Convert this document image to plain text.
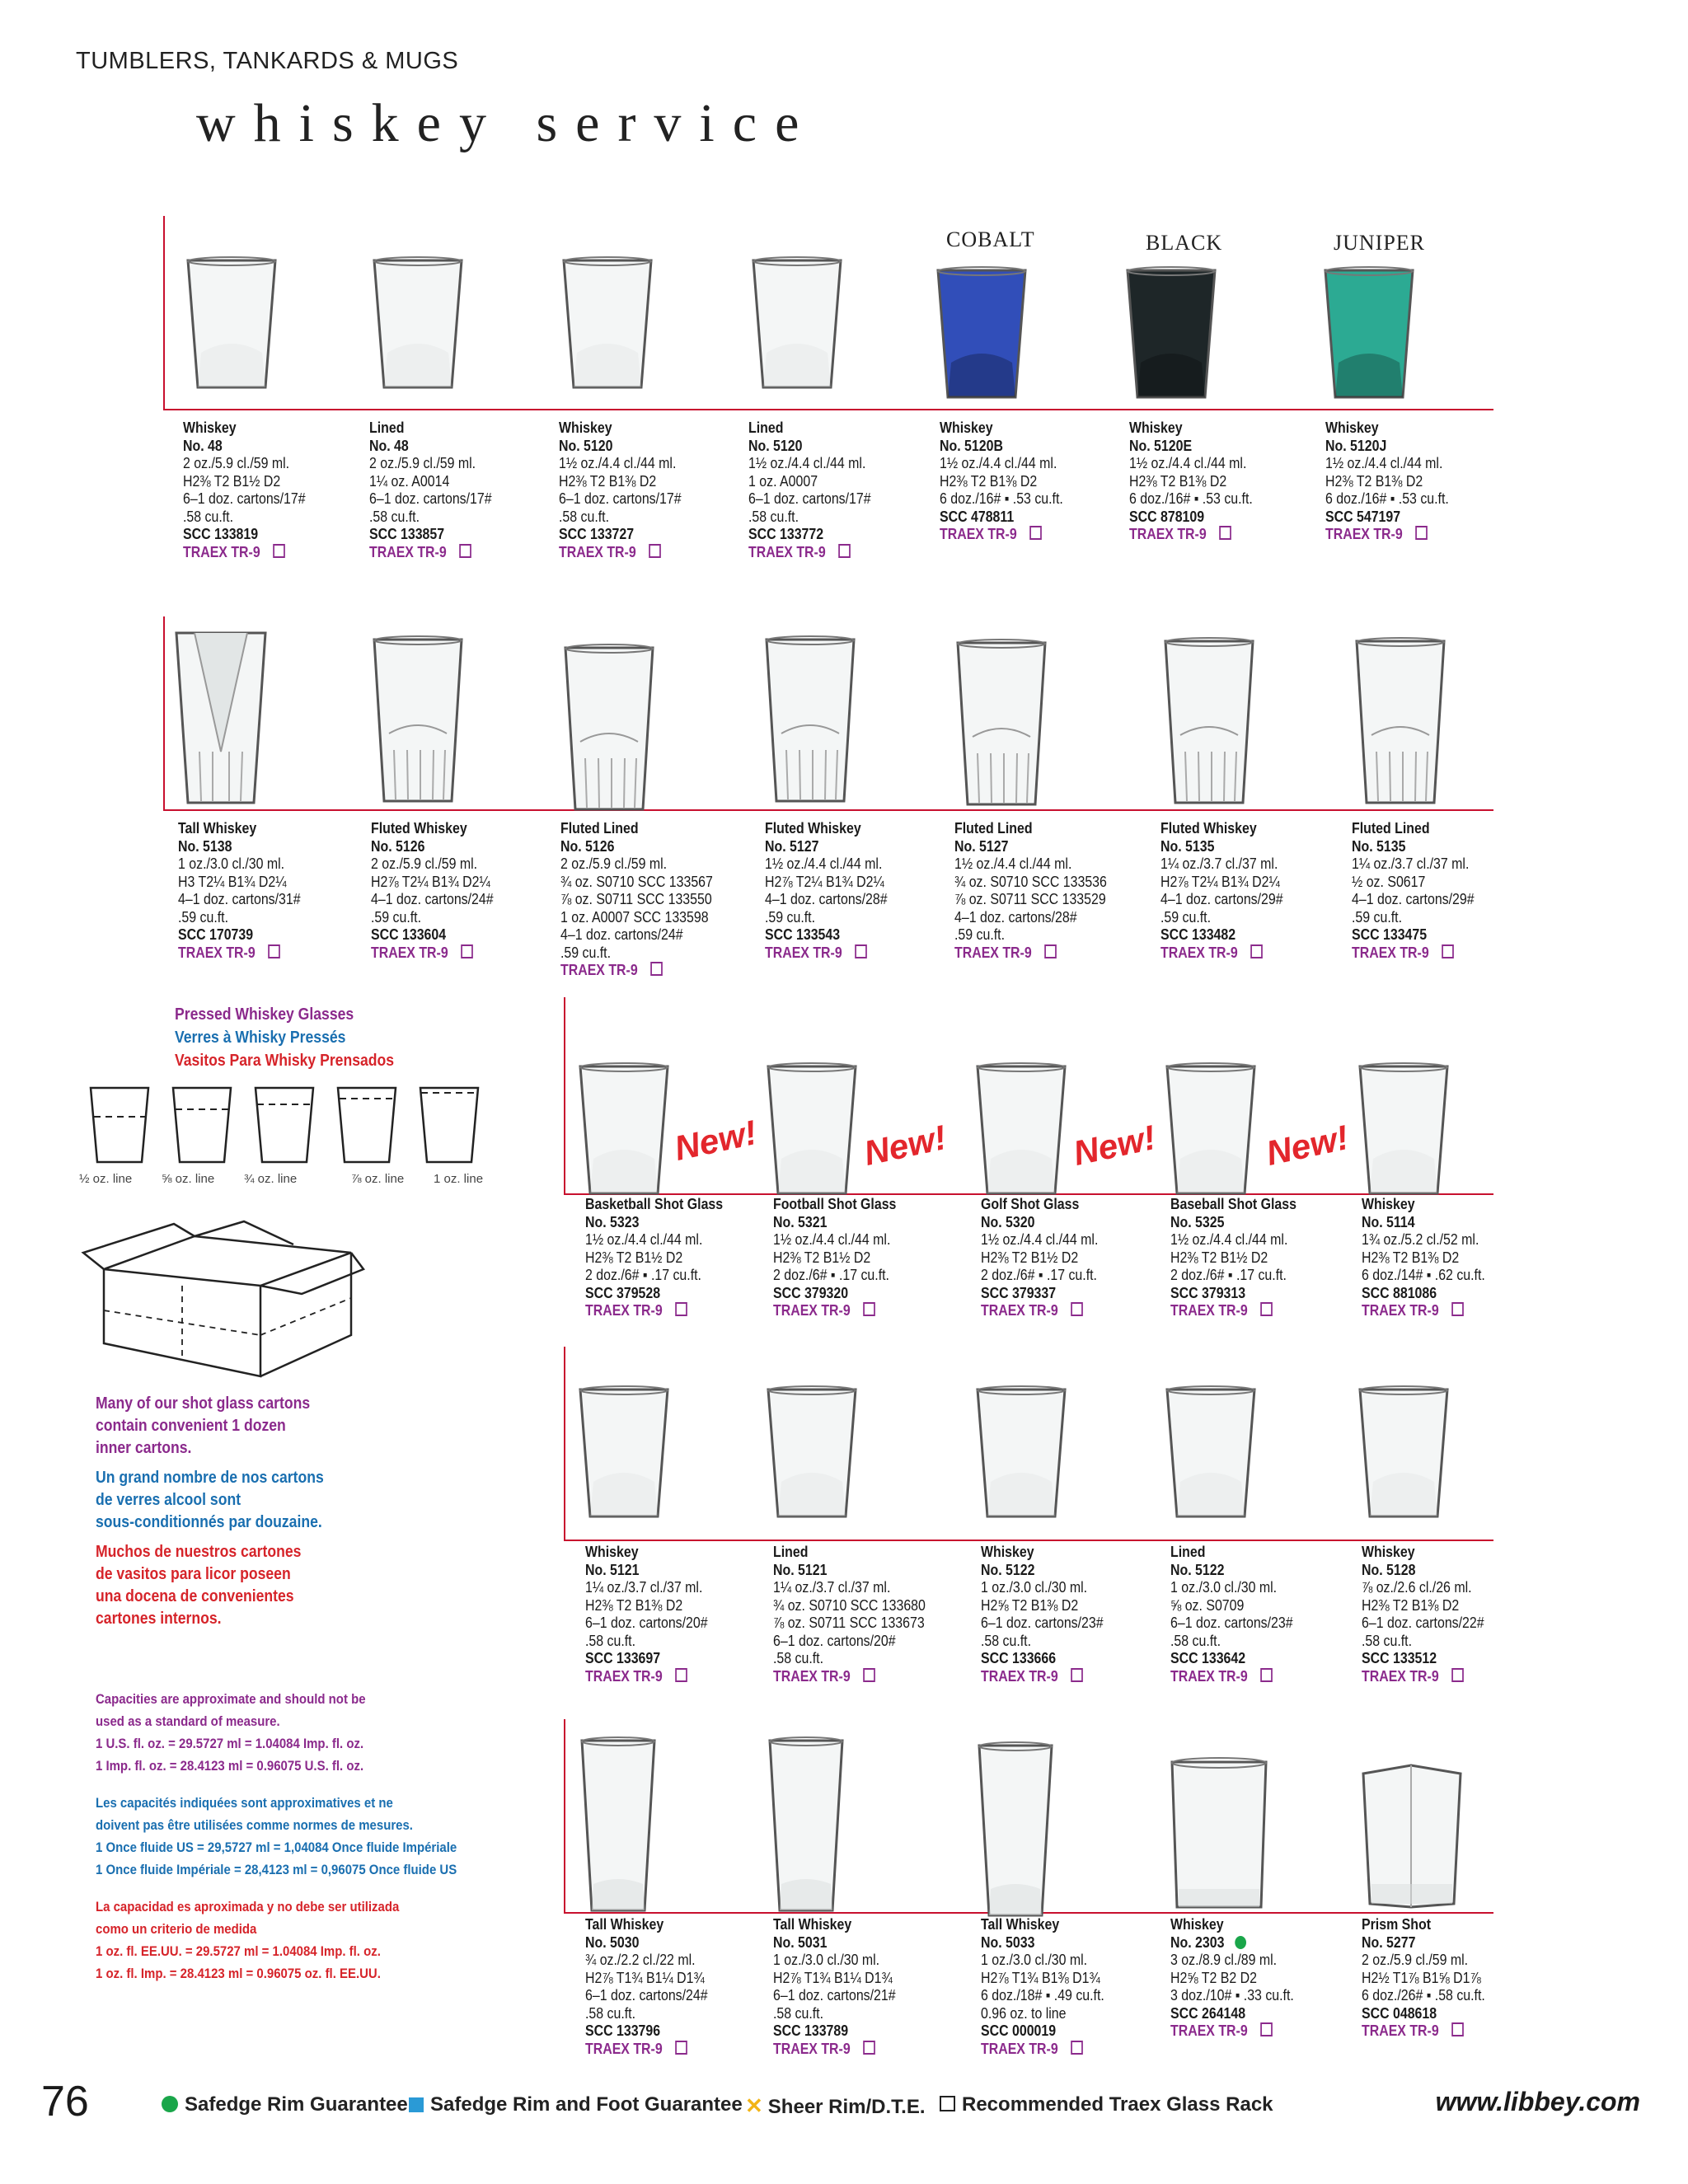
TUMBLERS, TANKARDS & MUGS
whiskey service
COBALT	BLACK	JUNIPER
New!	New!	New!	New!
Whiskey
No. 48
2 oz./5.9 cl./59 ml.
H2⅜ T2 B1½ D2
6–1 doz. cartons/17#
.58 cu.ft.
SCC 133819
TRAEX TR-9
Lined
No. 48
2 oz./5.9 cl./59 ml.
1¼ oz. A0014
6–1 doz. cartons/17#
.58 cu.ft.
SCC 133857
TRAEX TR-9
Whiskey
No. 5120
1½ oz./4.4 cl./44 ml.
H2⅜ T2 B1⅜ D2
6–1 doz. cartons/17#
.58 cu.ft.
SCC 133727
TRAEX TR-9
Lined
No. 5120
1½ oz./4.4 cl./44 ml.
1 oz. A0007
6–1 doz. cartons/17#
.58 cu.ft.
SCC 133772
TRAEX TR-9
Whiskey
No. 5120B
1½ oz./4.4 cl./44 ml.
H2⅜ T2 B1⅜ D2
6 doz./16# ▪ .53 cu.ft.
SCC 478811
TRAEX TR-9
Whiskey
No. 5120E
1½ oz./4.4 cl./44 ml.
H2⅜ T2 B1⅜ D2
6 doz./16# ▪ .53 cu.ft.
SCC 878109
TRAEX TR-9
Whiskey
No. 5120J
1½ oz./4.4 cl./44 ml.
H2⅜ T2 B1⅜ D2
6 doz./16# ▪ .53 cu.ft.
SCC 547197
TRAEX TR-9
Tall Whiskey
No. 5138
1 oz./3.0 cl./30 ml.
H3 T2¼ B1¾ D2¼
4–1 doz. cartons/31#
.59 cu.ft.
SCC 170739
TRAEX TR-9
Fluted Whiskey
No. 5126
2 oz./5.9 cl./59 ml.
H2⅞ T2¼ B1¾ D2¼
4–1 doz. cartons/24#
.59 cu.ft.
SCC 133604
TRAEX TR-9
Fluted Lined
No. 5126
2 oz./5.9 cl./59 ml.
¾ oz. S0710 SCC 133567
⅞ oz. S0711 SCC 133550
1 oz. A0007 SCC 133598
4–1 doz. cartons/24#
.59 cu.ft.
TRAEX TR-9
Fluted Whiskey
No. 5127
1½ oz./4.4 cl./44 ml.
H2⅞ T2¼ B1¾ D2¼
4–1 doz. cartons/28#
.59 cu.ft.
SCC 133543
TRAEX TR-9
Fluted Lined
No. 5127
1½ oz./4.4 cl./44 ml.
¾ oz. S0710 SCC 133536
⅞ oz. S0711 SCC 133529
4–1 doz. cartons/28#
.59 cu.ft.
TRAEX TR-9
Fluted Whiskey
No. 5135
1¼ oz./3.7 cl./37 ml.
H2⅞ T2¼ B1¾ D2¼
4–1 doz. cartons/29#
.59 cu.ft.
SCC 133482
TRAEX TR-9
Fluted Lined
No. 5135
1¼ oz./3.7 cl./37 ml.
½ oz. S0617
4–1 doz. cartons/29#
.59 cu.ft.
SCC 133475
TRAEX TR-9
Basketball Shot Glass
No. 5323
1½ oz./4.4 cl./44 ml.
H2⅜ T2 B1½ D2
2 doz./6# ▪ .17 cu.ft.
SCC 379528
TRAEX TR-9
Football Shot Glass
No. 5321
1½ oz./4.4 cl./44 ml.
H2⅜ T2 B1½ D2
2 doz./6# ▪ .17 cu.ft.
SCC 379320
TRAEX TR-9
Golf Shot Glass
No. 5320
1½ oz./4.4 cl./44 ml.
H2⅜ T2 B1½ D2
2 doz./6# ▪ .17 cu.ft.
SCC 379337
TRAEX TR-9
Baseball Shot Glass
No. 5325
1½ oz./4.4 cl./44 ml.
H2⅜ T2 B1½ D2
2 doz./6# ▪ .17 cu.ft.
SCC 379313
TRAEX TR-9
Whiskey
No. 5114
1¾ oz./5.2 cl./52 ml.
H2⅜ T2 B1⅜ D2
6 doz./14# ▪ .62 cu.ft.
SCC 881086
TRAEX TR-9
Whiskey
No. 5121
1¼ oz./3.7 cl./37 ml.
H2⅜ T2 B1⅜ D2
6–1 doz. cartons/20#
.58 cu.ft.
SCC 133697
TRAEX TR-9
Lined
No. 5121
1¼ oz./3.7 cl./37 ml.
¾ oz. S0710 SCC 133680
⅞ oz. S0711 SCC 133673
6–1 doz. cartons/20#
.58 cu.ft.
TRAEX TR-9
Whiskey
No. 5122
1 oz./3.0 cl./30 ml.
H2⅝ T2 B1⅜ D2
6–1 doz. cartons/23#
.58 cu.ft.
SCC 133666
TRAEX TR-9
Lined
No. 5122
1 oz./3.0 cl./30 ml.
⅝ oz. S0709
6–1 doz. cartons/23#
.58 cu.ft.
SCC 133642
TRAEX TR-9
Whiskey
No. 5128
⅞ oz./2.6 cl./26 ml.
H2⅜ T2 B1⅜ D2
6–1 doz. cartons/22#
.58 cu.ft.
SCC 133512
TRAEX TR-9
Tall Whiskey
No. 5030
¾ oz./2.2 cl./22 ml.
H2⅞ T1¾ B1¼ D1¾
6–1 doz. cartons/24#
.58 cu.ft.
SCC 133796
TRAEX TR-9
Tall Whiskey
No. 5031
1 oz./3.0 cl./30 ml.
H2⅞ T1¾ B1¼ D1¾
6–1 doz. cartons/21#
.58 cu.ft.
SCC 133789
TRAEX TR-9
Tall Whiskey
No. 5033
1 oz./3.0 cl./30 ml.
H2⅞ T1¾ B1⅜ D1¾
6 doz./18# ▪ .49 cu.ft.
0.96 oz. to line
SCC 000019
TRAEX TR-9
Whiskey
No. 2303
3 oz./8.9 cl./89 ml.
H2⅝ T2 B2 D2
3 doz./10# ▪ .33 cu.ft.
SCC 264148
TRAEX TR-9
Prism Shot
No. 5277
2 oz./5.9 cl./59 ml.
H2½ T1⅞ B1⅝ D1⅞
6 doz./26# ▪ .58 cu.ft.
SCC 048618
TRAEX TR-9
Pressed Whiskey Glasses
Verres à Whisky Pressés
Vasitos Para Whisky Prensados
½ oz. line ⅝ oz. line ¾ oz. line	⅞ oz. line 1 oz. line
Many of our shot glass cartons
contain convenient 1 dozen
inner cartons.
Un grand nombre de nos cartons
de verres alcool sont
sous-conditionnés par douzaine.
Muchos de nuestros cartones
de vasitos para licor poseen
una docena de convenientes
cartones internos.
Capacities are approximate and should not be
used as a standard of measure.
1 U.S. fl. oz. = 29.5727 ml = 1.04084 Imp. fl. oz.
1 Imp. fl. oz. = 28.4123 ml = 0.96075 U.S. fl. oz.
Les capacités indiquées sont approximatives et ne
doivent pas être utilisées comme normes de mesures.
1 Once fluide US = 29,5727 ml = 1,04084 Once fluide Impériale
1 Once fluide Impériale = 28,4123 ml = 0,96075 Once fluide US
La capacidad es aproximada y no debe ser utilizada
como un criterio de medida
1 oz. fl. EE.UU. = 29.5727 ml = 1.04084 Imp. fl. oz.
1 oz. fl. Imp. = 28.4123 ml = 0.96075 oz. fl. EE.UU.
76	Safedge Rim Guarantee	Safedge Rim and Foot Guarantee ✕ Sheer Rim/D.T.E.	Recommended Traex Glass Rack	www.libbey.com
